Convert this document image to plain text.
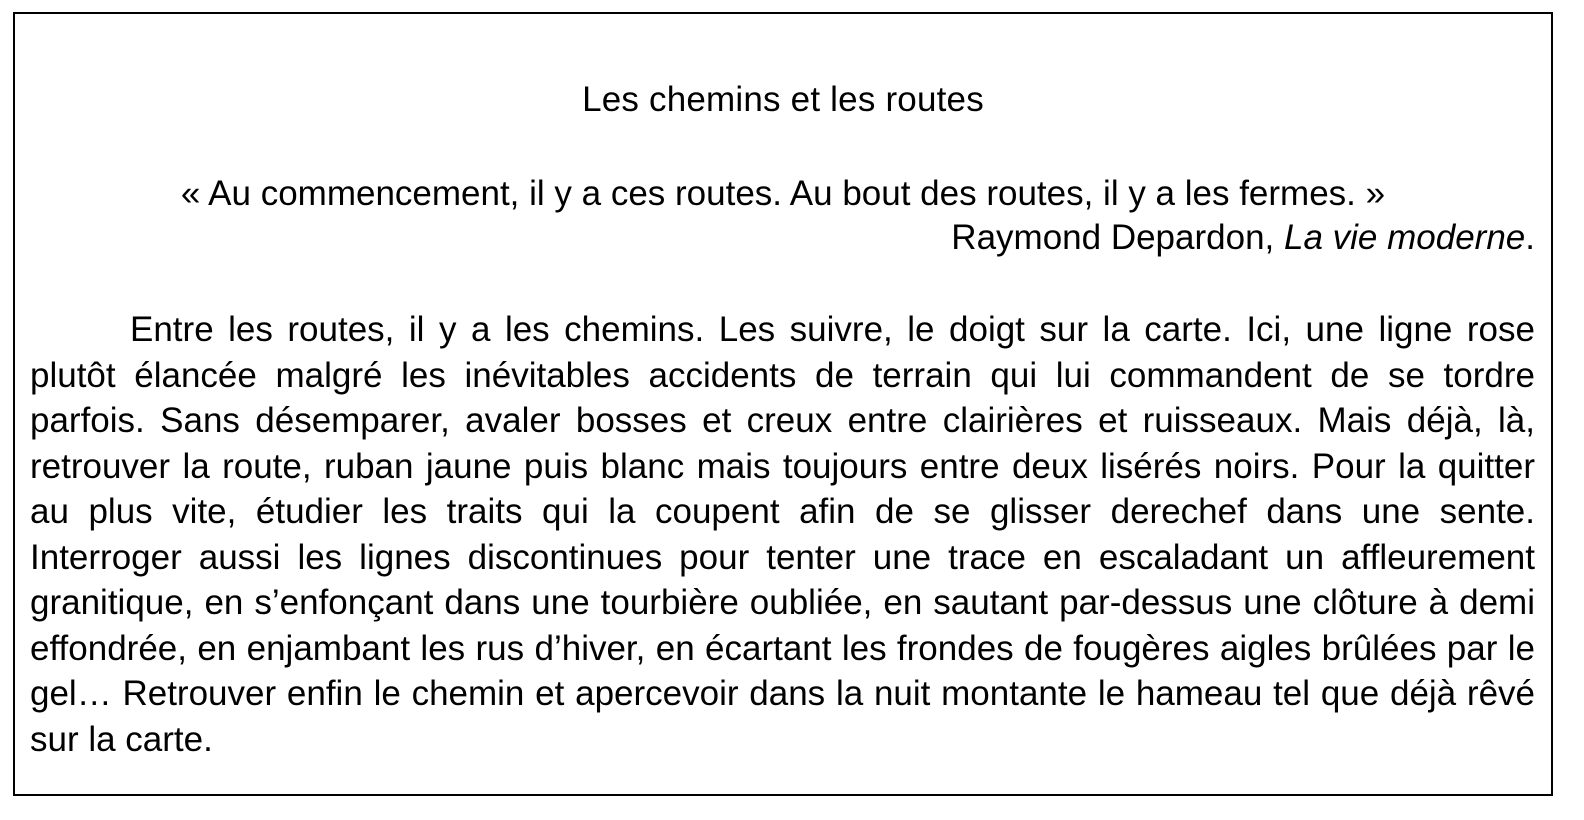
Les chemins et les routes
« Au commencement, il y a ces routes. Au bout des routes, il y a les fermes. »
Raymond Depardon, La vie moderne.

Entre les routes, il y a les chemins. Les suivre, le doigt sur la carte. Ici, une ligne rose plutôt élancée malgré les inévitables accidents de terrain qui lui commandent de se tordre parfois. Sans désemparer, avaler bosses et creux entre clairières et ruisseaux. Mais déjà, là, retrouver la route, ruban jaune puis blanc mais toujours entre deux lisérés noirs. Pour la quitter au plus vite, étudier les traits qui la coupent afin de se glisser derechef dans une sente. Interroger aussi les lignes discontinues pour tenter une trace en escaladant un affleurement granitique, en s’enfonçant dans une tourbière oubliée, en sautant par-dessus une clôture à demi effondrée, en enjambant les rus d’hiver, en écartant les frondes de fougères aigles brûlées par le gel… Retrouver enfin le chemin et apercevoir dans la nuit montante le hameau tel que déjà rêvé sur la carte.
